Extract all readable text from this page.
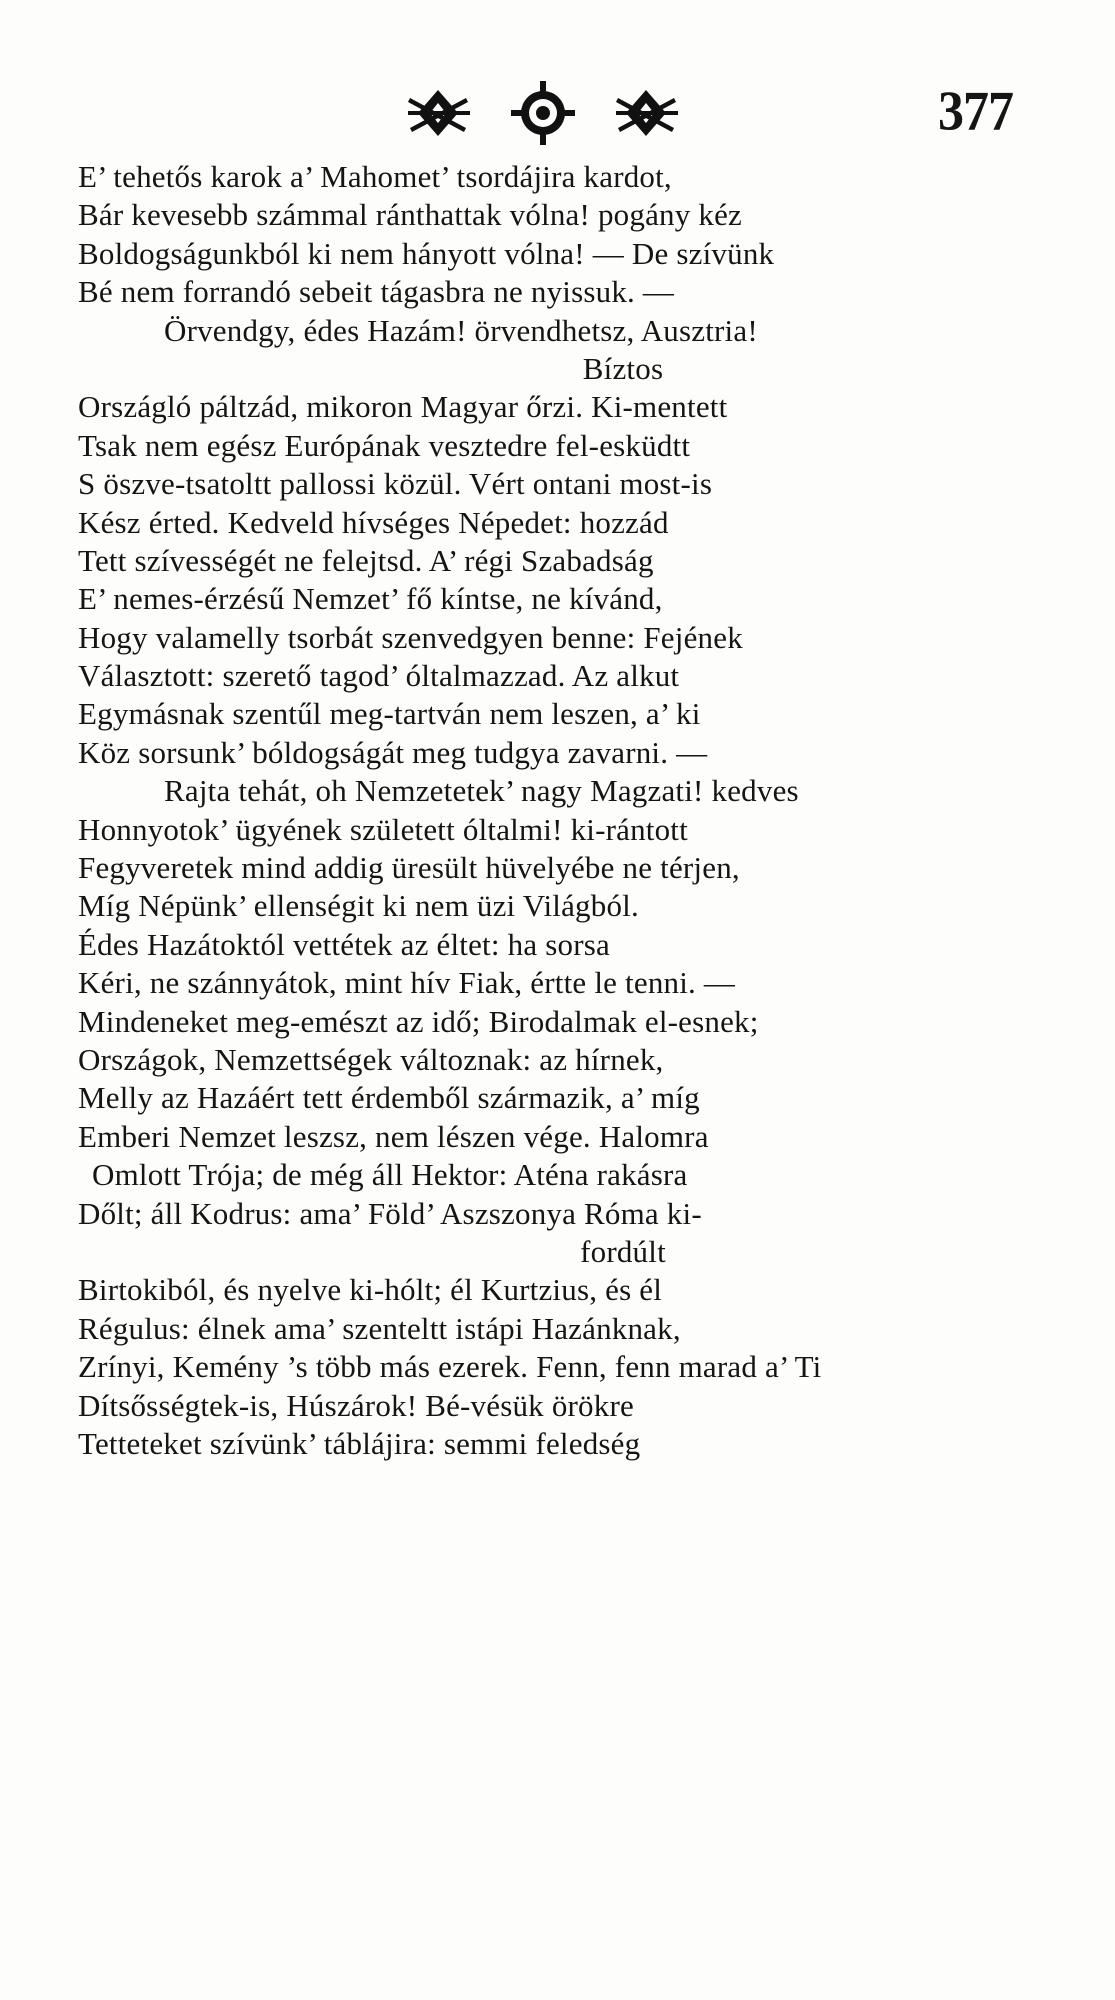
377
E’ tehetős karok a’ Mahomet’ tsordájira kardot,
Bár kevesebb számmal ránthattak vólna! pogány kéz
Boldogságunkból ki nem hányott vólna! — De szívünk
Bé nem forrandó sebeit tágasbra ne nyissuk. —
Örvendgy, édes Hazám! örvendhetsz, Ausztria!
Bíztos
Országló páltzád, mikoron Magyar őrzi. Ki-mentett
Tsak nem egész Európának vesztedre fel-esküdtt
S öszve-tsatoltt pallossi közül. Vért ontani most-is
Kész érted. Kedveld hívséges Népedet: hozzád
Tett szívességét ne felejtsd. A’ régi Szabadság
E’ nemes-érzésű Nemzet’ fő kíntse, ne kívánd,
Hogy valamelly tsorbát szenvedgyen benne: Fejének
Választott: szerető tagod’ óltalmazzad. Az alkut
Egymásnak szentűl meg-tartván nem leszen, a’ ki
Köz sorsunk’ bóldogságát meg tudgya zavarni. —
Rajta tehát, oh Nemzetetek’ nagy Magzati! kedves
Honnyotok’ ügyének született óltalmi! ki-rántott
Fegyveretek mind addig üresült hüvelyébe ne térjen,
Míg Népünk’ ellenségit ki nem üzi Világból.
Édes Hazátoktól vettétek az éltet: ha sorsa
Kéri, ne szánnyátok, mint hív Fiak, értte le tenni. —
Mindeneket meg-emészt az idő; Birodalmak el-esnek;
Országok, Nemzettségek változnak: az hírnek,
Melly az Hazáért tett érdemből származik, a’ míg
Emberi Nemzet leszsz, nem lészen vége. Halomra
Omlott Trója; de még áll Hektor: Aténa rakásra
Dőlt; áll Kodrus: ama’ Föld’ Aszszonya Róma ki-
fordúlt
Birtokiból, és nyelve ki-hólt; él Kurtzius, és él
Régulus: élnek ama’ szenteltt istápi Hazánknak,
Zrínyi, Kemény ’s több más ezerek. Fenn, fenn marad a’ Ti
Dítsősségtek-is, Húszárok! Bé-vésük örökre
Tetteteket szívünk’ táblájira: semmi feledség
